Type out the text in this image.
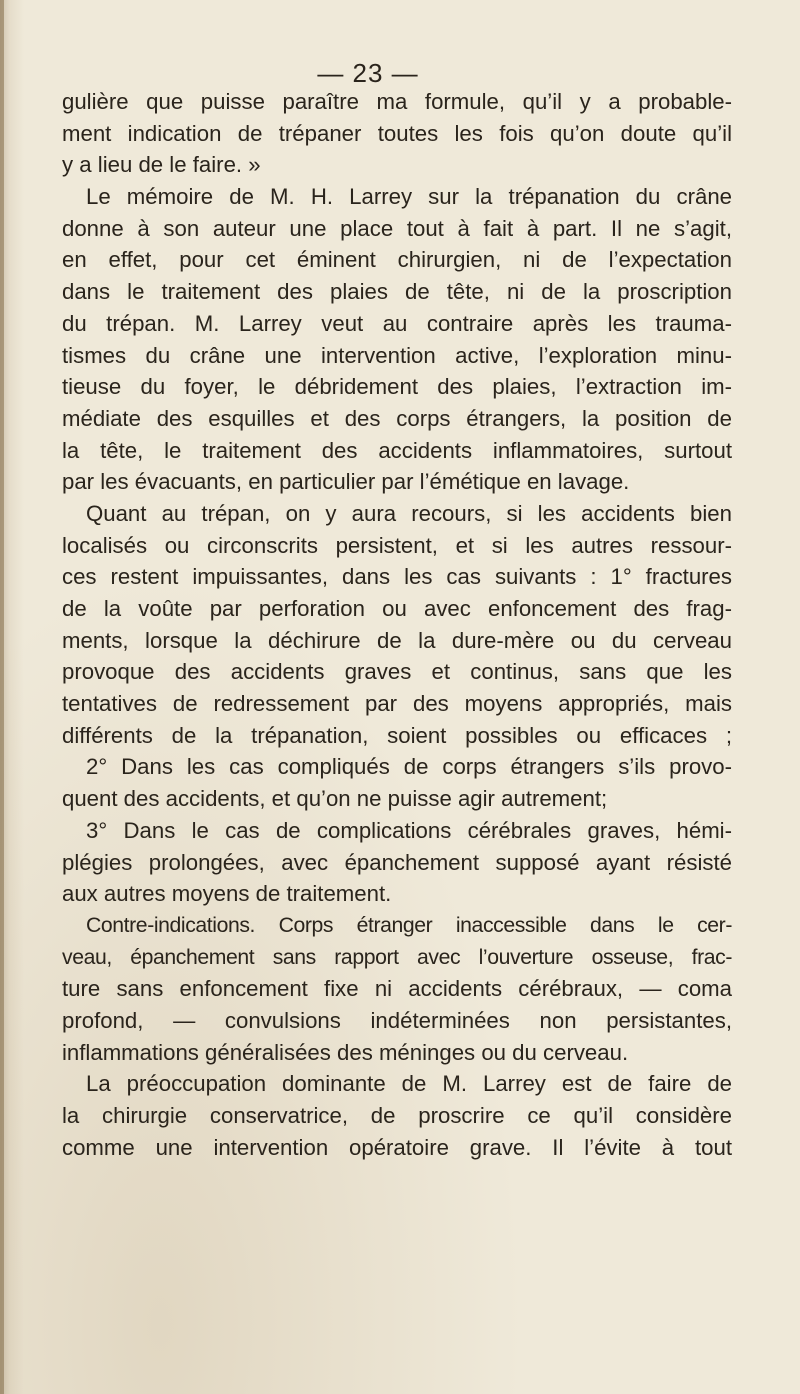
— 23 —
gulière que puisse paraître ma formule, qu’il y a probable-
ment indication de trépaner toutes les fois qu’on doute qu’il
y a lieu de le faire. »
Le mémoire de M. H. Larrey sur la trépanation du crâne
donne à son auteur une place tout à fait à part. Il ne s’agit,
en effet, pour cet éminent chirurgien, ni de l’expectation
dans le traitement des plaies de tête, ni de la proscription
du trépan. M. Larrey veut au contraire après les trauma-
tismes du crâne une intervention active, l’exploration minu-
tieuse du foyer, le débridement des plaies, l’extraction im-
médiate des esquilles et des corps étrangers, la position de
la tête, le traitement des accidents inflammatoires, surtout
par les évacuants, en particulier par l’émétique en lavage.
Quant au trépan, on y aura recours, si les accidents bien
localisés ou circonscrits persistent, et si les autres ressour-
ces restent impuissantes, dans les cas suivants : 1° fractures
de la voûte par perforation ou avec enfoncement des frag-
ments, lorsque la déchirure de la dure-mère ou du cerveau
provoque des accidents graves et continus, sans que les
tentatives de redressement par des moyens appropriés, mais
différents de la trépanation, soient possibles ou efficaces ;
2° Dans les cas compliqués de corps étrangers s’ils provo-
quent des accidents, et qu’on ne puisse agir autrement;
3° Dans le cas de complications cérébrales graves, hémi-
plégies prolongées, avec épanchement supposé ayant résisté
aux autres moyens de traitement.
Contre-indications. Corps étranger inaccessible dans le cer-
veau, épanchement sans rapport avec l’ouverture osseuse, frac-
ture sans enfoncement fixe ni accidents cérébraux, — coma
profond, — convulsions indéterminées non persistantes,
inflammations généralisées des méninges ou du cerveau.
La préoccupation dominante de M. Larrey est de faire de
la chirurgie conservatrice, de proscrire ce qu’il considère
comme une intervention opératoire grave. Il l’évite à tout
